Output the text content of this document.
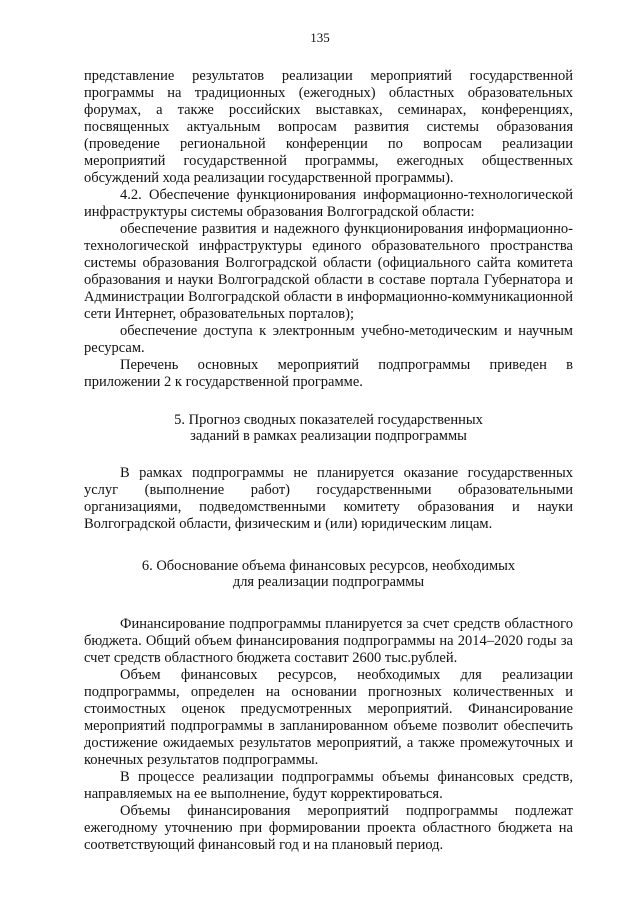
135

представление результатов реализации мероприятий государственной программы на традиционных (ежегодных) областных образовательных форумах, а также российских выставках, семинарах, конференциях, посвященных актуальным вопросам развития системы образования (проведение региональной конференции по вопросам реализации мероприятий государственной программы, ежегодных общественных обсуждений хода реализации государственной программы).

4.2. Обеспечение функционирования информационно-технологической инфраструктуры системы образования Волгоградской области:

обеспечение развития и надежного функционирования информационно-технологической инфраструктуры единого образовательного пространства системы образования Волгоградской области (официального сайта комитета образования и науки Волгоградской области в составе портала Губернатора и Администрации Волгоградской области в информационно-коммуникационной сети Интернет, образовательных порталов);

обеспечение доступа к электронным учебно-методическим и научным ресурсам.

Перечень основных мероприятий подпрограммы приведен в приложении 2 к государственной программе.

5. Прогноз сводных показателей государственных
заданий в рамках реализации подпрограммы

В рамках подпрограммы не планируется оказание государственных услуг (выполнение работ) государственными образовательными организациями, подведомственными комитету образования и науки Волгоградской области, физическим и (или) юридическим лицам.

6. Обоснование объема финансовых ресурсов, необходимых
для реализации подпрограммы

Финансирование подпрограммы планируется за счет средств областного бюджета. Общий объем финансирования подпрограммы на 2014–2020 годы за счет средств областного бюджета составит 2600 тыс.рублей.

Объем финансовых ресурсов, необходимых для реализации подпрограммы, определен на основании прогнозных количественных и стоимостных оценок предусмотренных мероприятий. Финансирование мероприятий подпрограммы в запланированном объеме позволит обеспечить достижение ожидаемых результатов мероприятий, а также промежуточных и конечных результатов подпрограммы.

В процессе реализации подпрограммы объемы финансовых средств, направляемых на ее выполнение, будут корректироваться.

Объемы финансирования мероприятий подпрограммы подлежат ежегодному уточнению при формировании проекта областного бюджета на соответствующий финансовый год и на плановый период.
